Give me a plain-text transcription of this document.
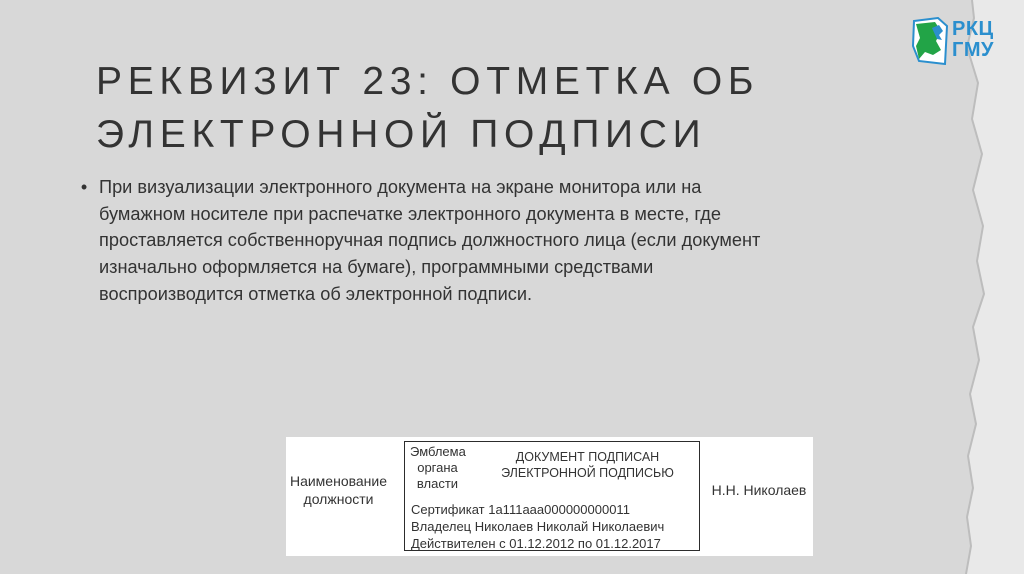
РКЦ
ГМУ
РЕКВИЗИТ 23: ОТМЕТКА ОБ
ЭЛЕКТРОННОЙ ПОДПИСИ
• При визуализации электронного документа на экране монитора или на бумажном носителе при распечатке электронного документа в месте, где проставляется собственноручная подпись должностного лица (если документ изначально оформляется на бумаге), программными средствами воспроизводится отметка об электронной подписи.
Наименование должности
Эмблема органа власти
ДОКУМЕНТ ПОДПИСАН ЭЛЕКТРОННОЙ ПОДПИСЬЮ
Сертификат 1a111aaa000000000011
Владелец Николаев Николай Николаевич
Действителен с 01.12.2012 по 01.12.2017
Н.Н. Николаев
